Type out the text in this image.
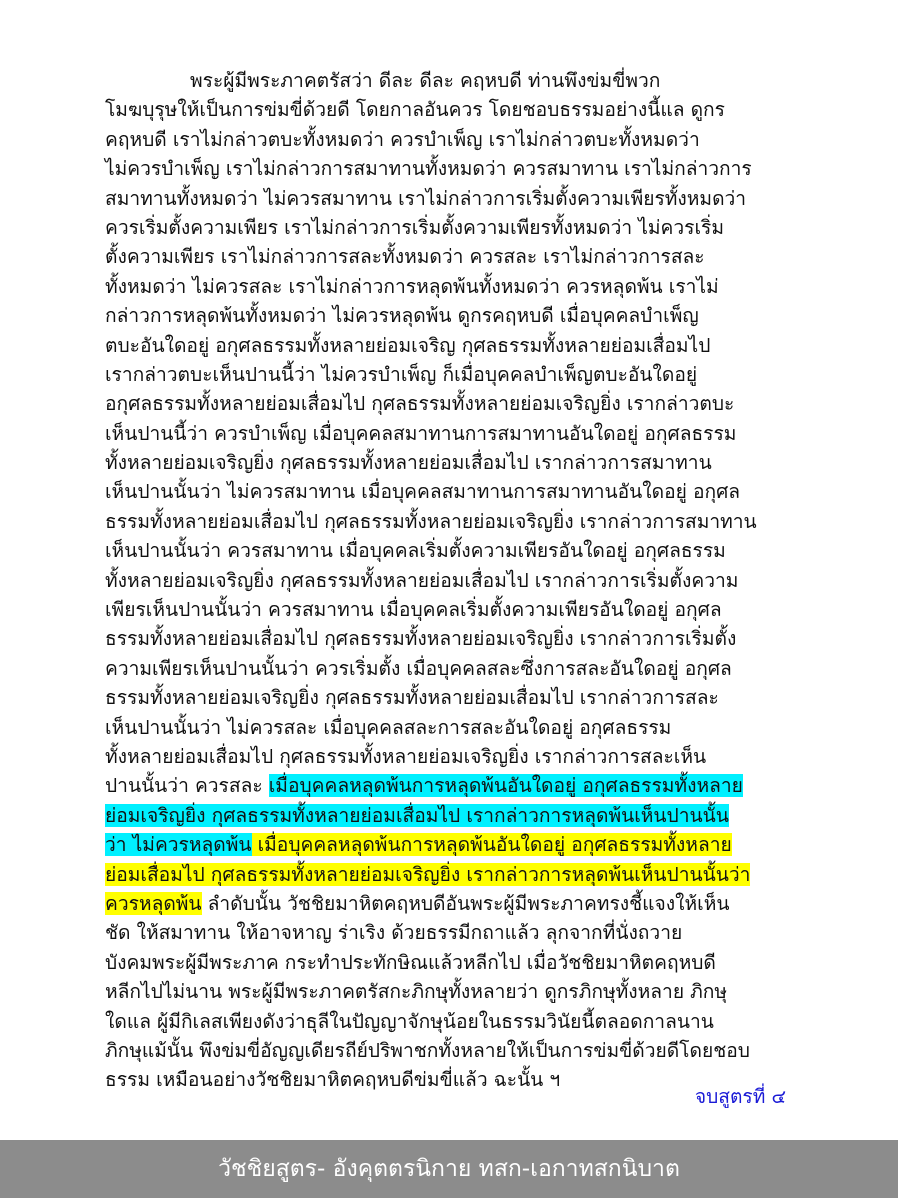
พระผู้มีพระภาคตรัสว่า ดีละ ดีละ คฤหบดี ท่านพึงข่มขี่พวก
โมฆบุรุษให้เป็นการข่มขี่ด้วยดี โดยกาลอันควร โดยชอบธรรมอย่างนี้แล ดูกร
คฤหบดี เราไม่กล่าวตบะทั้งหมดว่า ควรบำเพ็ญ เราไม่กล่าวตบะทั้งหมดว่า
ไม่ควรบำเพ็ญ เราไม่กล่าวการสมาทานทั้งหมดว่า ควรสมาทาน เราไม่กล่าวการ
สมาทานทั้งหมดว่า ไม่ควรสมาทาน เราไม่กล่าวการเริ่มตั้งความเพียรทั้งหมดว่า
ควรเริ่มตั้งความเพียร เราไม่กล่าวการเริ่มตั้งความเพียรทั้งหมดว่า ไม่ควรเริ่ม
ตั้งความเพียร เราไม่กล่าวการสละทั้งหมดว่า ควรสละ เราไม่กล่าวการสละ
ทั้งหมดว่า ไม่ควรสละ เราไม่กล่าวการหลุดพ้นทั้งหมดว่า ควรหลุดพ้น เราไม่
กล่าวการหลุดพ้นทั้งหมดว่า ไม่ควรหลุดพ้น ดูกรคฤหบดี เมื่อบุคคลบำเพ็ญ
ตบะอันใดอยู่ อกุศลธรรมทั้งหลายย่อมเจริญ กุศลธรรมทั้งหลายย่อมเสื่อมไป
เรากล่าวตบะเห็นปานนี้ว่า ไม่ควรบำเพ็ญ ก็เมื่อบุคคลบำเพ็ญตบะอันใดอยู่
อกุศลธรรมทั้งหลายย่อมเสื่อมไป กุศลธรรมทั้งหลายย่อมเจริญยิ่ง เรากล่าวตบะ
เห็นปานนี้ว่า ควรบำเพ็ญ เมื่อบุคคลสมาทานการสมาทานอันใดอยู่ อกุศลธรรม
ทั้งหลายย่อมเจริญยิ่ง กุศลธรรมทั้งหลายย่อมเสื่อมไป เรากล่าวการสมาทาน
เห็นปานนั้นว่า ไม่ควรสมาทาน เมื่อบุคคลสมาทานการสมาทานอันใดอยู่ อกุศล
ธรรมทั้งหลายย่อมเสื่อมไป กุศลธรรมทั้งหลายย่อมเจริญยิ่ง เรากล่าวการสมาทาน
เห็นปานนั้นว่า ควรสมาทาน เมื่อบุคคลเริ่มตั้งความเพียรอันใดอยู่ อกุศลธรรม
ทั้งหลายย่อมเจริญยิ่ง กุศลธรรมทั้งหลายย่อมเสื่อมไป เรากล่าวการเริ่มตั้งความ
เพียรเห็นปานนั้นว่า ควรสมาทาน เมื่อบุคคลเริ่มตั้งความเพียรอันใดอยู่ อกุศล
ธรรมทั้งหลายย่อมเสื่อมไป กุศลธรรมทั้งหลายย่อมเจริญยิ่ง เรากล่าวการเริ่มตั้ง
ความเพียรเห็นปานนั้นว่า ควรเริ่มตั้ง เมื่อบุคคลสละซึ่งการสละอันใดอยู่ อกุศล
ธรรมทั้งหลายย่อมเจริญยิ่ง กุศลธรรมทั้งหลายย่อมเสื่อมไป เรากล่าวการสละ
เห็นปานนั้นว่า ไม่ควรสละ เมื่อบุคคลสละการสละอันใดอยู่ อกุศลธรรม
ทั้งหลายย่อมเสื่อมไป กุศลธรรมทั้งหลายย่อมเจริญยิ่ง เรากล่าวการสละเห็น
ปานนั้นว่า ควรสละ เมื่อบุคคลหลุดพ้นการหลุดพ้นอันใดอยู่ อกุศลธรรมทั้งหลาย
ย่อมเจริญยิ่ง กุศลธรรมทั้งหลายย่อมเสื่อมไป เรากล่าวการหลุดพ้นเห็นปานนั้น
ว่า ไม่ควรหลุดพ้น เมื่อบุคคลหลุดพ้นการหลุดพ้นอันใดอยู่ อกุศลธรรมทั้งหลาย
ย่อมเสื่อมไป กุศลธรรมทั้งหลายย่อมเจริญยิ่ง เรากล่าวการหลุดพ้นเห็นปานนั้นว่า
ควรหลุดพ้น ลำดับนั้น วัชชิยมาหิตคฤหบดีอันพระผู้มีพระภาคทรงชี้แจงให้เห็น
ชัด ให้สมาทาน ให้อาจหาญ ร่าเริง ด้วยธรรมีกถาแล้ว ลุกจากที่นั่งถวาย
บังคมพระผู้มีพระภาค กระทำประทักษิณแล้วหลีกไป เมื่อวัชชิยมาหิตคฤหบดี
หลีกไปไม่นาน พระผู้มีพระภาคตรัสกะภิกษุทั้งหลายว่า ดูกรภิกษุทั้งหลาย ภิกษุ
ใดแล ผู้มีกิเลสเพียงดังว่าธุลีในปัญญาจักษุน้อยในธรรมวินัยนี้ตลอดกาลนาน
ภิกษุแม้นั้น พึงข่มขี่อัญญเดียรถีย์ปริพาชกทั้งหลายให้เป็นการข่มขี่ด้วยดีโดยชอบ
ธรรม เหมือนอย่างวัชชิยมาหิตคฤหบดีข่มขี่แล้ว ฉะนั้น ฯ
จบสูตรที่ ๔
วัชชิยสูตร- อังคุตตรนิกาย ทสก-เอกาทสกนิบาต
